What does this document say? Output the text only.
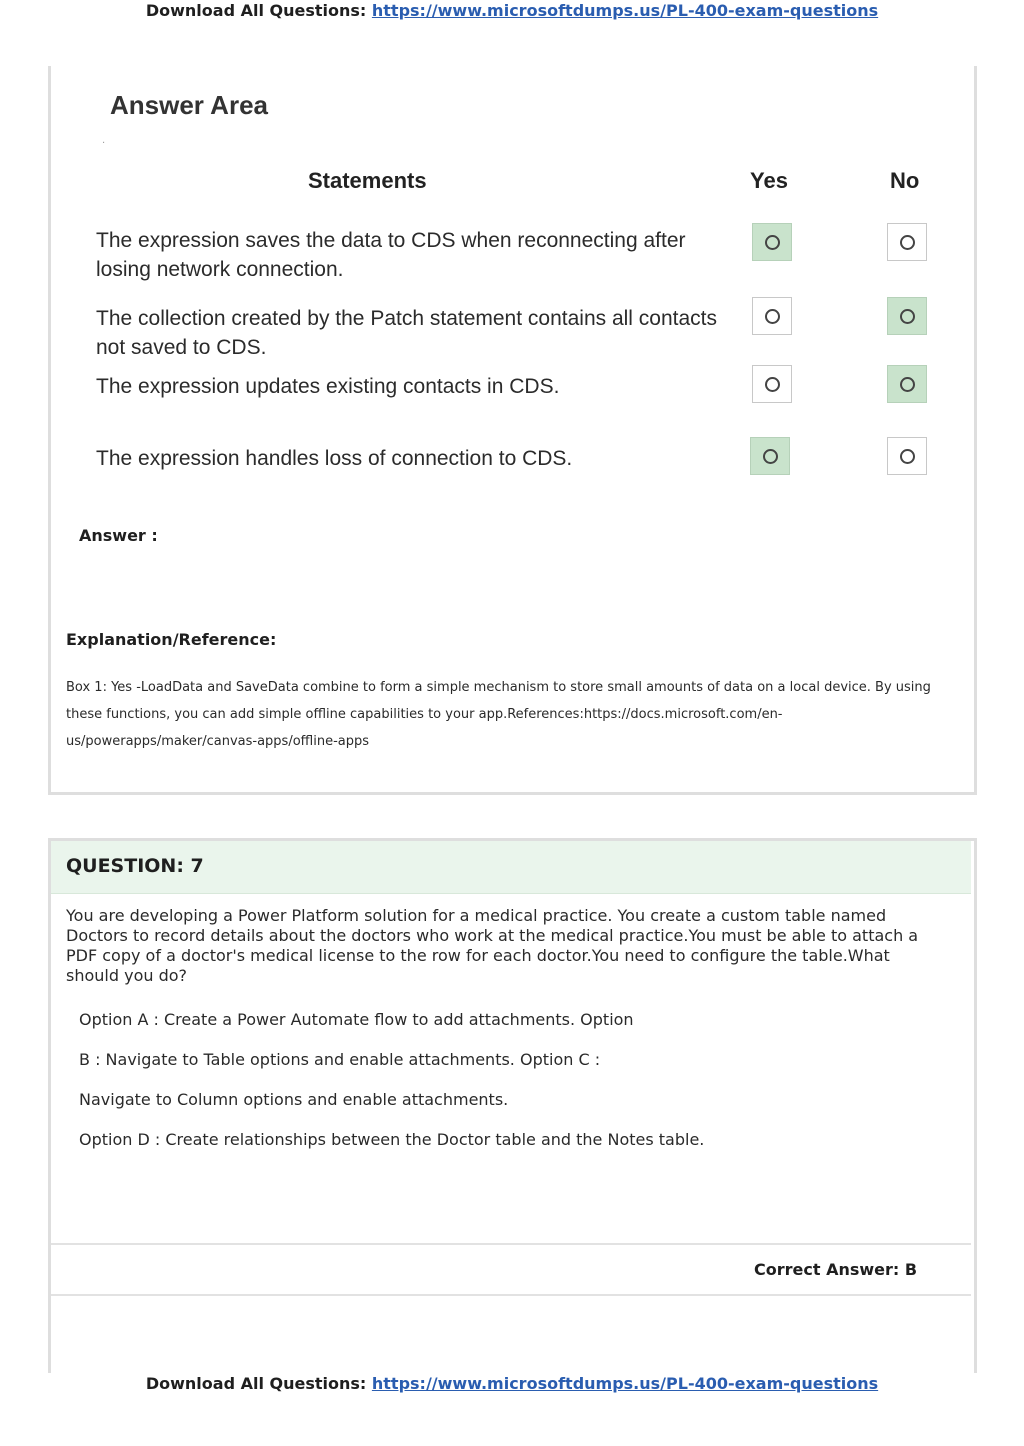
Download All Questions: https://www.microsoftdumps.us/PL-400-exam-questions
Answer Area
·
Statements	Yes	No
The expression saves the data to CDS when reconnecting after losing network connection.
The collection created by the Patch statement contains all contacts not saved to CDS.
The expression updates existing contacts in CDS.
The expression handles loss of connection to CDS.
Answer :
Explanation/Reference:
Box 1: Yes -LoadData and SaveData combine to form a simple mechanism to store small amounts of data on a local device. By using these functions, you can add simple offline capabilities to your app.References:https://docs.microsoft.com/en-us/powerapps/maker/canvas-apps/offline-apps
QUESTION: 7
You are developing a Power Platform solution for a medical practice. You create a custom table named Doctors to record details about the doctors who work at the medical practice.You must be able to attach a PDF copy of a doctor's medical license to the row for each doctor.You need to configure the table.What should you do?
Option A : Create a Power Automate flow to add attachments. Option
B : Navigate to Table options and enable attachments. Option C :
Navigate to Column options and enable attachments.
Option D : Create relationships between the Doctor table and the Notes table.
Correct Answer: B
Download All Questions: https://www.microsoftdumps.us/PL-400-exam-questions
